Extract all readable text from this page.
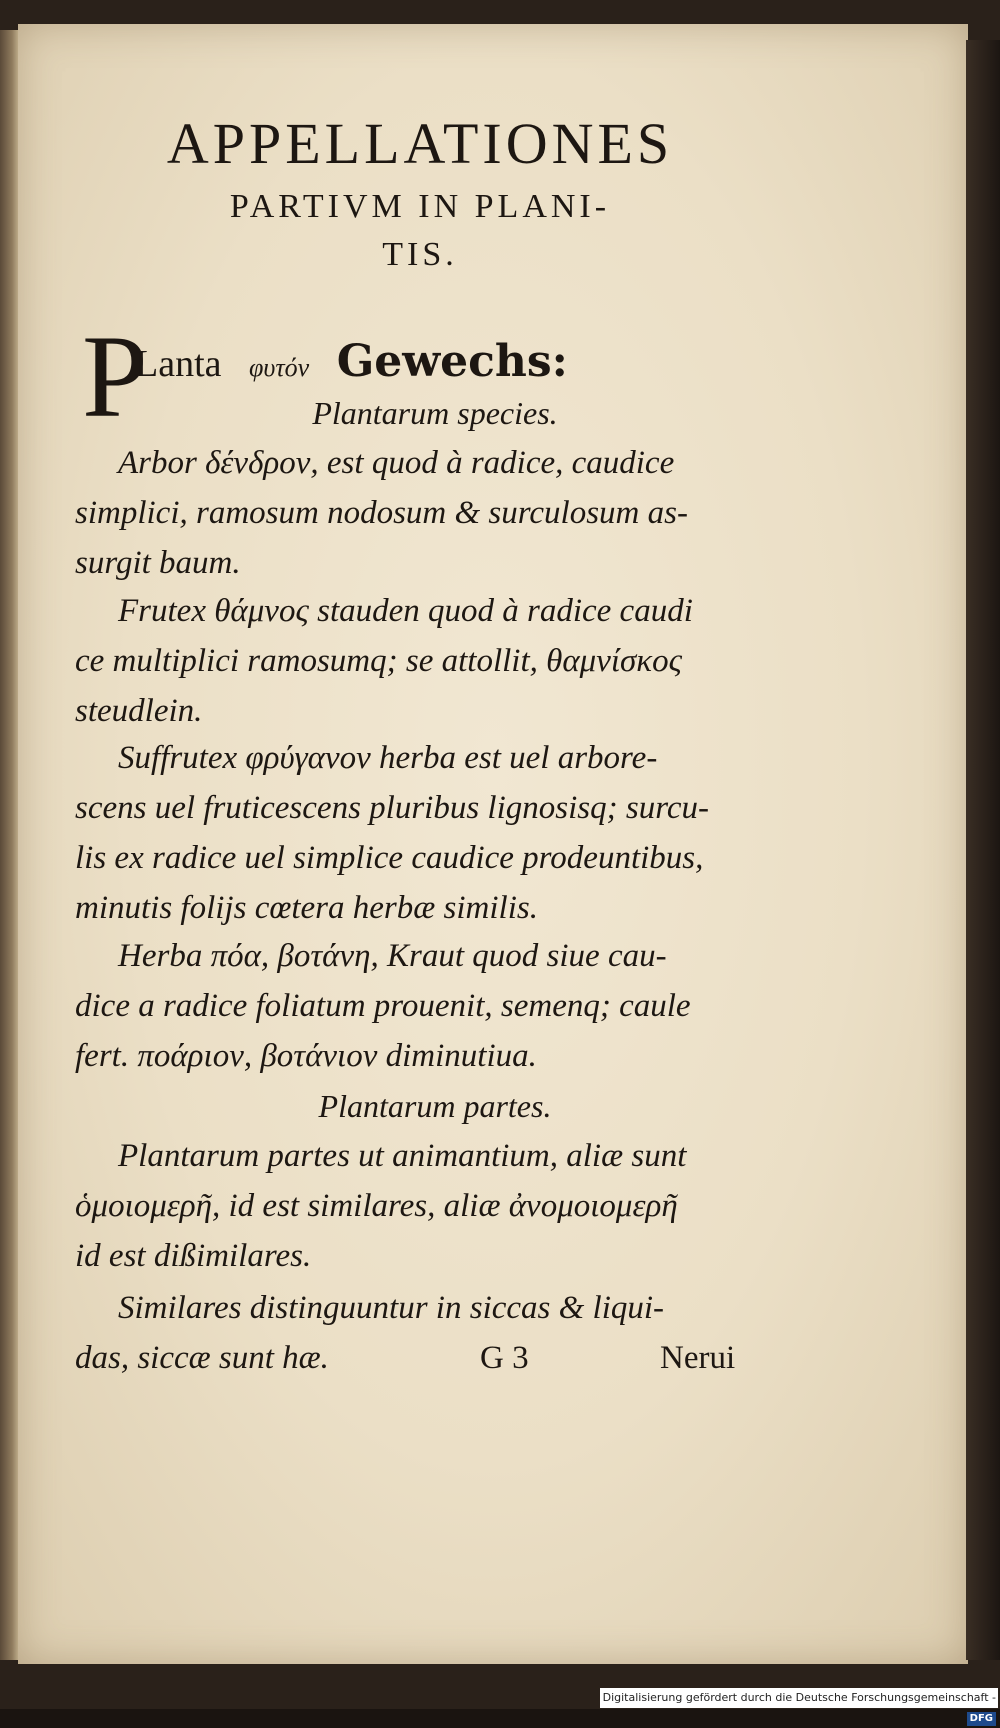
APPELLATIONES
PARTIVM IN PLANI-
TIS.
P
Lanta φυτόν Gewechs:
Plantarum species.
Arbor δένδρον, est quod à radice, caudice
simplici, ramosum nodosum & surculosum as-
surgit baum.
Frutex θάμνος stauden quod à radice caudi
ce multiplici ramosumq; se attollit, θαμνίσκος
steudlein.
Suffrutex φρύγανον herba est uel arbore-
scens uel fruticescens pluribus lignosisq; surcu-
lis ex radice uel simplice caudice prodeuntibus,
minutis folijs cœtera herbæ similis.
Herba πόα, βοτάνη, Kraut quod siue cau-
dice a radice foliatum prouenit, semenq; caule
fert. ποάριον, βοτάνιον diminutiua.
Plantarum partes.
Plantarum partes ut animantium, aliæ sunt
ὁμοιομερῆ, id est similares, aliæ ἀνομοιομερῆ
id est dißimilares.
Similares distinguuntur in siccas & liqui-
das, siccæ sunt hæ.	G 3	Nerui
Digitalisierung gefördert durch die Deutsche Forschungsgemeinschaft - DFG
